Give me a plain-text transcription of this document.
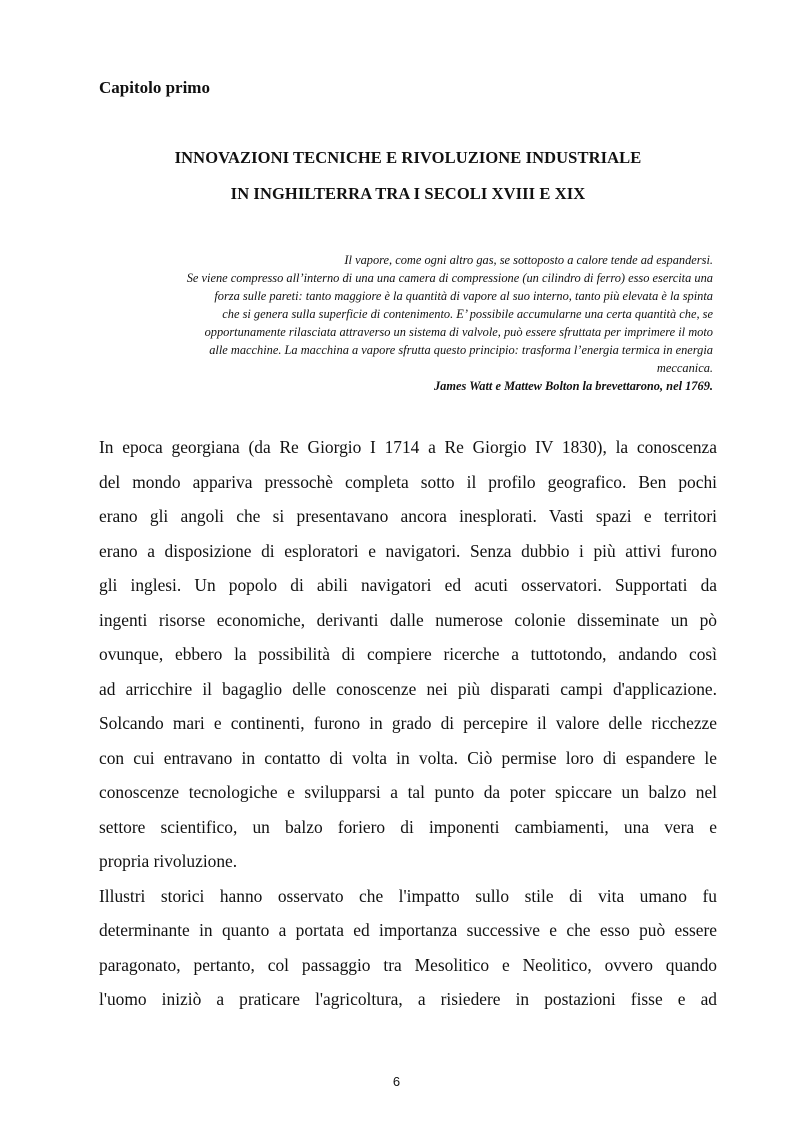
Capitolo primo
INNOVAZIONI TECNICHE E RIVOLUZIONE INDUSTRIALE
IN INGHILTERRA TRA I SECOLI XVIII E XIX
Il vapore, come ogni altro gas, se sottoposto a calore tende ad espandersi.
Se viene compresso all’interno di una una camera di compressione (un cilindro di ferro) esso esercita una
forza sulle pareti: tanto maggiore è la quantità di vapore al suo interno, tanto più elevata è la spinta
che si genera sulla superficie di contenimento. E’ possibile accumularne una certa quantità che, se
opportunamente rilasciata attraverso un sistema di valvole, può essere sfruttata per imprimere il moto
alle macchine. La macchina a vapore sfrutta questo principio: trasforma l’energia termica in energia
meccanica.
James Watt e Mattew Bolton la brevettarono, nel 1769.
In epoca georgiana (da Re Giorgio I 1714 a Re Giorgio IV 1830), la conoscenza
del mondo appariva pressochè completa sotto il profilo geografico. Ben pochi
erano gli angoli che si presentavano ancora inesplorati. Vasti spazi e territori
erano a disposizione di esploratori e navigatori. Senza dubbio i più attivi furono
gli inglesi. Un popolo di abili navigatori ed acuti osservatori. Supportati da
ingenti risorse economiche, derivanti dalle numerose colonie disseminate un pò
ovunque, ebbero la possibilità di compiere ricerche a tuttotondo, andando così
ad arricchire il bagaglio delle conoscenze nei più disparati campi d'applicazione.
Solcando mari e continenti, furono in grado di percepire il valore delle ricchezze
con cui entravano in contatto di volta in volta. Ciò permise loro di espandere le
conoscenze tecnologiche e svilupparsi a tal punto da poter spiccare un balzo nel
settore scientifico, un balzo foriero di imponenti cambiamenti, una vera e
propria rivoluzione.
Illustri storici hanno osservato che l'impatto sullo stile di vita umano fu
determinante in quanto a portata ed importanza successive e che esso può essere
paragonato, pertanto, col passaggio tra Mesolitico e Neolitico, ovvero quando
l'uomo iniziò a praticare l'agricoltura, a risiedere in postazioni fisse e ad
6
